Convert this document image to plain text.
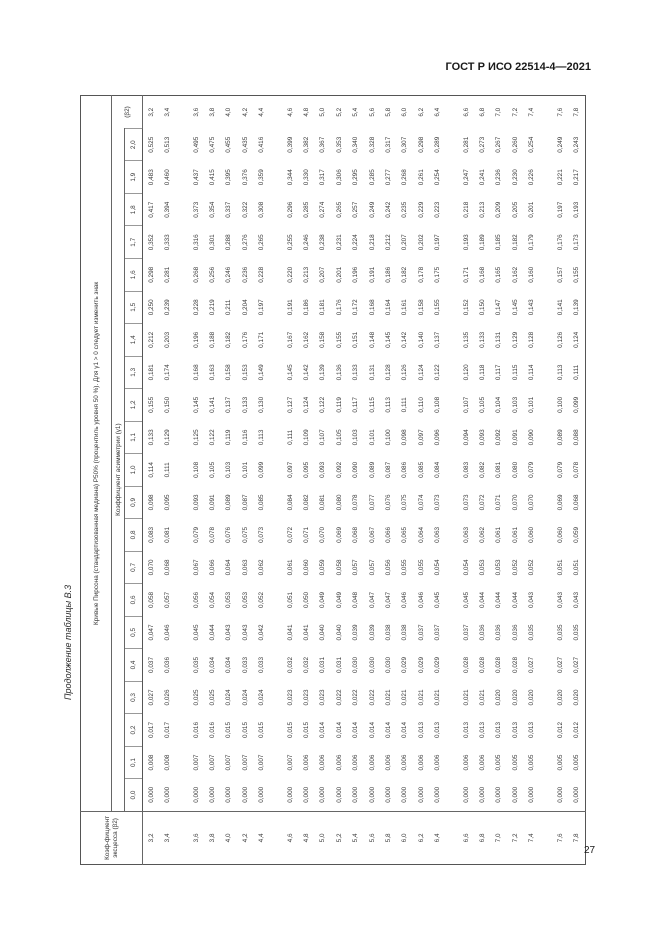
ГОСТ Р ИСО 22514-4—2021
Продолжение таблицы В.3
Коэф-фициент эксцесса (β2)	Кривые Пирсона (стандартизованная медиана) P50% (процентиль уровня 50 %). Для γ1 > 0 следует изменить знак																					
	Коэффициент асимметрии (γ1)																					(β2)
	0,0	0,1	0,2	0,3	0,4	0,5	0,6	0,7	0,8	0,9	1,0	1,1	1,2	1,3	1,4	1,5	1,6	1,7	1,8	1,9	2,0	
3,2	0,000	0,008	0,017	0,027	0,037	0,047	0,058	0,070	0,083	0,098	0,114	0,133	0,155	0,181	0,212	0,250	0,298	0,352	0,417	0,483	0,525	3,2
3,4	0,000	0,008	0,017	0,026	0,036	0,046	0,057	0,068	0,081	0,095	0,111	0,129	0,150	0,174	0,203	0,239	0,281	0,333	0,394	0,460	0,513	3,4

3,6	0,000	0,007	0,016	0,025	0,035	0,045	0,056	0,067	0,079	0,093	0,108	0,125	0,145	0,168	0,196	0,228	0,268	0,316	0,373	0,437	0,495	3,6
3,8	0,000	0,007	0,016	0,025	0,034	0,044	0,054	0,066	0,078	0,091	0,105	0,122	0,141	0,163	0,188	0,219	0,256	0,301	0,354	0,415	0,475	3,8
4,0	0,000	0,007	0,015	0,024	0,034	0,043	0,053	0,064	0,076	0,089	0,103	0,119	0,137	0,158	0,182	0,211	0,246	0,288	0,337	0,395	0,455	4,0
4,2	0,000	0,007	0,015	0,024	0,033	0,043	0,053	0,063	0,075	0,087	0,101	0,116	0,133	0,153	0,176	0,204	0,236	0,276	0,322	0,376	0,435	4,2
4,4	0,000	0,007	0,015	0,024	0,033	0,042	0,052	0,062	0,073	0,085	0,099	0,113	0,130	0,149	0,171	0,197	0,228	0,265	0,308	0,359	0,416	4,4

4,6	0,000	0,007	0,015	0,023	0,032	0,041	0,051	0,061	0,072	0,084	0,097	0,111	0,127	0,145	0,167	0,191	0,220	0,255	0,296	0,344	0,399	4,6
4,8	0,000	0,006	0,015	0,023	0,032	0,041	0,050	0,060	0,071	0,082	0,095	0,109	0,124	0,142	0,162	0,186	0,213	0,246	0,285	0,330	0,382	4,8
5,0	0,000	0,006	0,014	0,023	0,031	0,040	0,049	0,059	0,070	0,081	0,093	0,107	0,122	0,139	0,158	0,181	0,207	0,238	0,274	0,317	0,367	5,0
5,2	0,000	0,006	0,014	0,022	0,031	0,040	0,049	0,058	0,069	0,080	0,092	0,105	0,119	0,136	0,155	0,176	0,201	0,231	0,265	0,306	0,353	5,2
5,4	0,000	0,006	0,014	0,022	0,030	0,039	0,048	0,057	0,068	0,078	0,090	0,103	0,117	0,133	0,151	0,172	0,196	0,224	0,257	0,295	0,340	5,4
5,6	0,000	0,006	0,014	0,022	0,030	0,039	0,047	0,057	0,067	0,077	0,089	0,101	0,115	0,131	0,148	0,168	0,191	0,218	0,249	0,285	0,328	5,6
5,8	0,000	0,006	0,014	0,021	0,030	0,038	0,047	0,056	0,066	0,076	0,087	0,100	0,113	0,128	0,145	0,164	0,186	0,212	0,242	0,277	0,317	5,8
6,0	0,000	0,006	0,014	0,021	0,029	0,038	0,046	0,055	0,065	0,075	0,086	0,098	0,111	0,126	0,142	0,161	0,182	0,207	0,235	0,268	0,307	6,0
6,2	0,000	0,006	0,013	0,021	0,029	0,037	0,046	0,055	0,064	0,074	0,085	0,097	0,110	0,124	0,140	0,158	0,178	0,202	0,229	0,261	0,298	6,2
6,4	0,000	0,006	0,013	0,021	0,029	0,037	0,045	0,054	0,063	0,073	0,084	0,096	0,108	0,122	0,137	0,155	0,175	0,197	0,223	0,254	0,289	6,4

6,6	0,000	0,006	0,013	0,021	0,028	0,037	0,045	0,054	0,063	0,073	0,083	0,094	0,107	0,120	0,135	0,152	0,171	0,193	0,218	0,247	0,281	6,6
6,8	0,000	0,006	0,013	0,021	0,028	0,036	0,044	0,053	0,062	0,072	0,082	0,093	0,105	0,118	0,133	0,150	0,168	0,189	0,213	0,241	0,273	6,8
7,0	0,000	0,005	0,013	0,020	0,028	0,036	0,044	0,053	0,061	0,071	0,081	0,092	0,104	0,117	0,131	0,147	0,165	0,185	0,209	0,236	0,267	7,0
7,2	0,000	0,005	0,013	0,020	0,028	0,036	0,044	0,052	0,061	0,070	0,080	0,091	0,103	0,115	0,129	0,145	0,162	0,182	0,205	0,230	0,260	7,2
7,4	0,000	0,005	0,013	0,020	0,027	0,035	0,043	0,052	0,060	0,070	0,079	0,090	0,101	0,114	0,128	0,143	0,160	0,179	0,201	0,226	0,254	7,4

7,6	0,000	0,005	0,012	0,020	0,027	0,035	0,043	0,051	0,060	0,069	0,079	0,089	0,100	0,113	0,126	0,141	0,157	0,176	0,197	0,221	0,249	7,6
7,8	0,000	0,005	0,012	0,020	0,027	0,035	0,043	0,051	0,059	0,068	0,078	0,088	0,099	0,111	0,124	0,139	0,155	0,173	0,193	0,217	0,243	7,8
27
